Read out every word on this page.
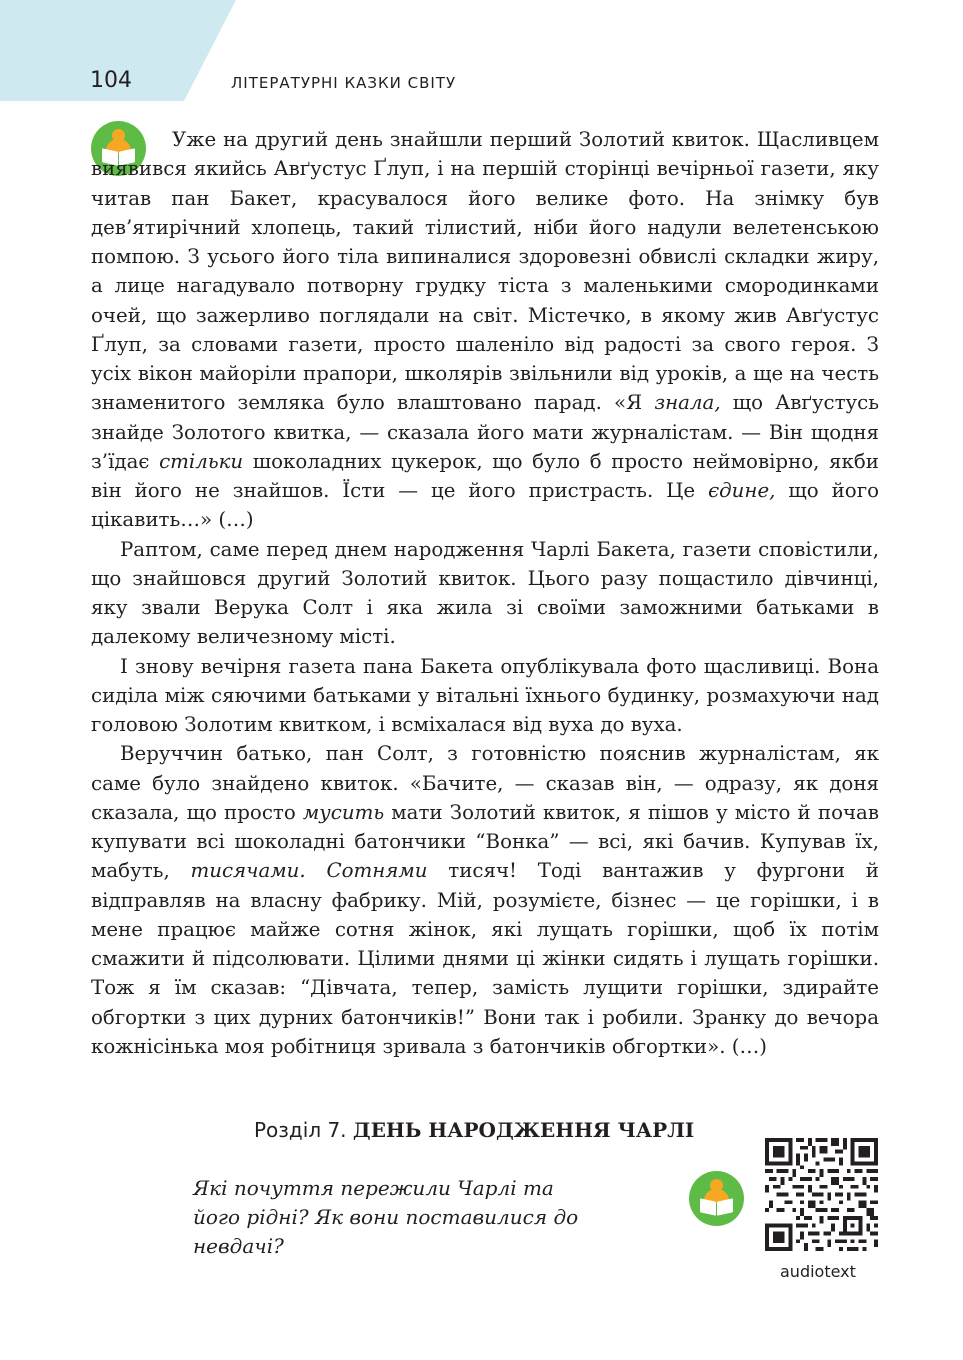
104	ЛІТЕРАТУРНІ КАЗКИ СВІТУ

Уже на другий день знайшли перший Золотий квиток. Щасливцем виявився якийсь Авґустус Ґлуп, і на першій сторінці вечірньої газети, яку читав пан Бакет, красувалося його велике фото. На знімку був дев’ятирічний хлопець, такий тілистий, ніби його надули велетенською помпою. З усього його тіла випиналися здоровезні обвислі складки жиру, а лице нагадувало потворну грудку тіста з маленькими смородинками очей, що зажерливо поглядали на світ. Містечко, в якому жив Авґустус Ґлуп, за словами газети, просто шаленіло від радості за свого героя. З усіх вікон майоріли прапори, школярів звільнили від уроків, а ще на честь знаменитого земляка було влаштовано парад. «Я знала, що Авґустусь знайде Золотого квитка, — сказала його мати журналістам. — Він щодня з’їдає стільки шоколадних цукерок, що було б просто неймовірно, якби він його не знайшов. Їсти — це його пристрасть. Це єдине, що його цікавить…» (…)

Раптом, саме перед днем народження Чарлі Бакета, газети сповістили, що знайшовся другий Золотий квиток. Цього разу пощастило дівчинці, яку звали Верука Солт і яка жила зі своїми заможними батьками в далекому величезному місті.

І знову вечірня газета пана Бакета опублікувала фото щасливиці. Вона сиділа між сяючими батьками у вітальні їхнього будинку, розмахуючи над головою Золотим квитком, і всміхалася від вуха до вуха.

Веруччин батько, пан Солт, з готовністю пояснив журналістам, як саме було знайдено квиток. «Бачите, — сказав він, — одразу, як доня сказала, що просто мусить мати Золотий квиток, я пішов у місто й почав купувати всі шоколадні батончики “Вонка” — всі, які бачив. Купував їх, мабуть, тисячами. Сотнями тисяч! Тоді вантажив у фургони й відправляв на власну фабрику. Мій, розумієте, бізнес — це горішки, і в мене працює майже сотня жінок, які лущать горішки, щоб їх потім смажити й підсолювати. Цілими днями ці жінки сидять і лущать горішки. Тож я їм сказав: “Дівчата, тепер, замість лущити горішки, здирайте обгортки з цих дурних батончиків!” Вони так і робили. Зранку до вечора кожнісінька моя робітниця зривала з батончиків обгортки». (…)

Розділ 7. ДЕНЬ НАРОДЖЕННЯ ЧАРЛІ
Які почуття пережили Чарлі та його рідні? Як вони поставилися до невдачі?
audiotext
